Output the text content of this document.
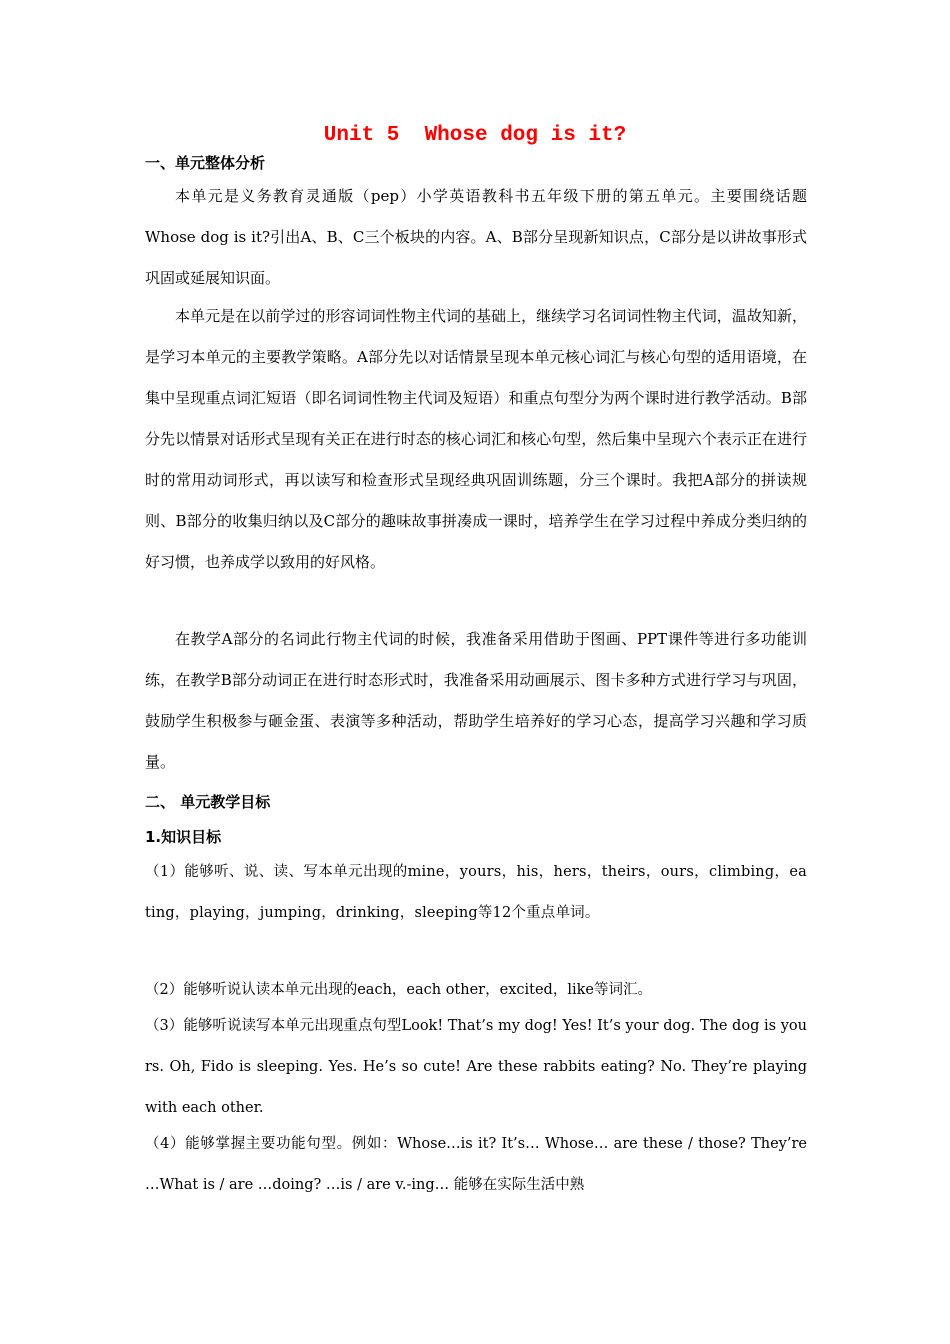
Unit 5  Whose dog is it?
一、单元整体分析

本单元是义务教育灵通版（pep）小学英语教科书五年级下册的第五单元。主要围绕话题Whose dog is it?引出A、B、C三个板块的内容。A、B部分呈现新知识点，C部分是以讲故事形式巩固或延展知识面。

本单元是在以前学过的形容词词性物主代词的基础上，继续学习名词词性物主代词，温故知新，是学习本单元的主要教学策略。A部分先以对话情景呈现本单元核心词汇与核心句型的适用语境，在集中呈现重点词汇短语（即名词词性物主代词及短语）和重点句型分为两个课时进行教学活动。B部分先以情景对话形式呈现有关正在进行时态的核心词汇和核心句型，然后集中呈现六个表示正在进行时的常用动词形式，再以读写和检查形式呈现经典巩固训练题，分三个课时。我把A部分的拼读规则、B部分的收集归纳以及C部分的趣味故事拼凑成一课时，培养学生在学习过程中养成分类归纳的好习惯，也养成学以致用的好风格。

在教学A部分的名词此行物主代词的时候，我准备采用借助于图画、PPT课件等进行多功能训练，在教学B部分动词正在进行时态形式时，我准备采用动画展示、图卡多种方式进行学习与巩固，鼓励学生积极参与砸金蛋、表演等多种活动，帮助学生培养好的学习心态，提高学习兴趣和学习质量。

二、 单元教学目标
1.知识目标

（1）能够听、说、读、写本单元出现的mine，yours，his，hers，theirs，ours，climbing，eating，playing，jumping，drinking，sleeping等12个重点单词。

（2）能够听说认读本单元出现的each，each other，excited，like等词汇。

（3）能够听说读写本单元出现重点句型Look! That’s my dog! Yes! It’s your dog. The dog is yours. Oh, Fido is sleeping. Yes. He’s so cute! Are these rabbits eating? No. They’re playing with each other.

（4）能够掌握主要功能句型。例如：Whose…is it? It’s… Whose… are these / those? They’re …What is / are …doing? …is / are v.-ing… 能够在实际生活中熟
